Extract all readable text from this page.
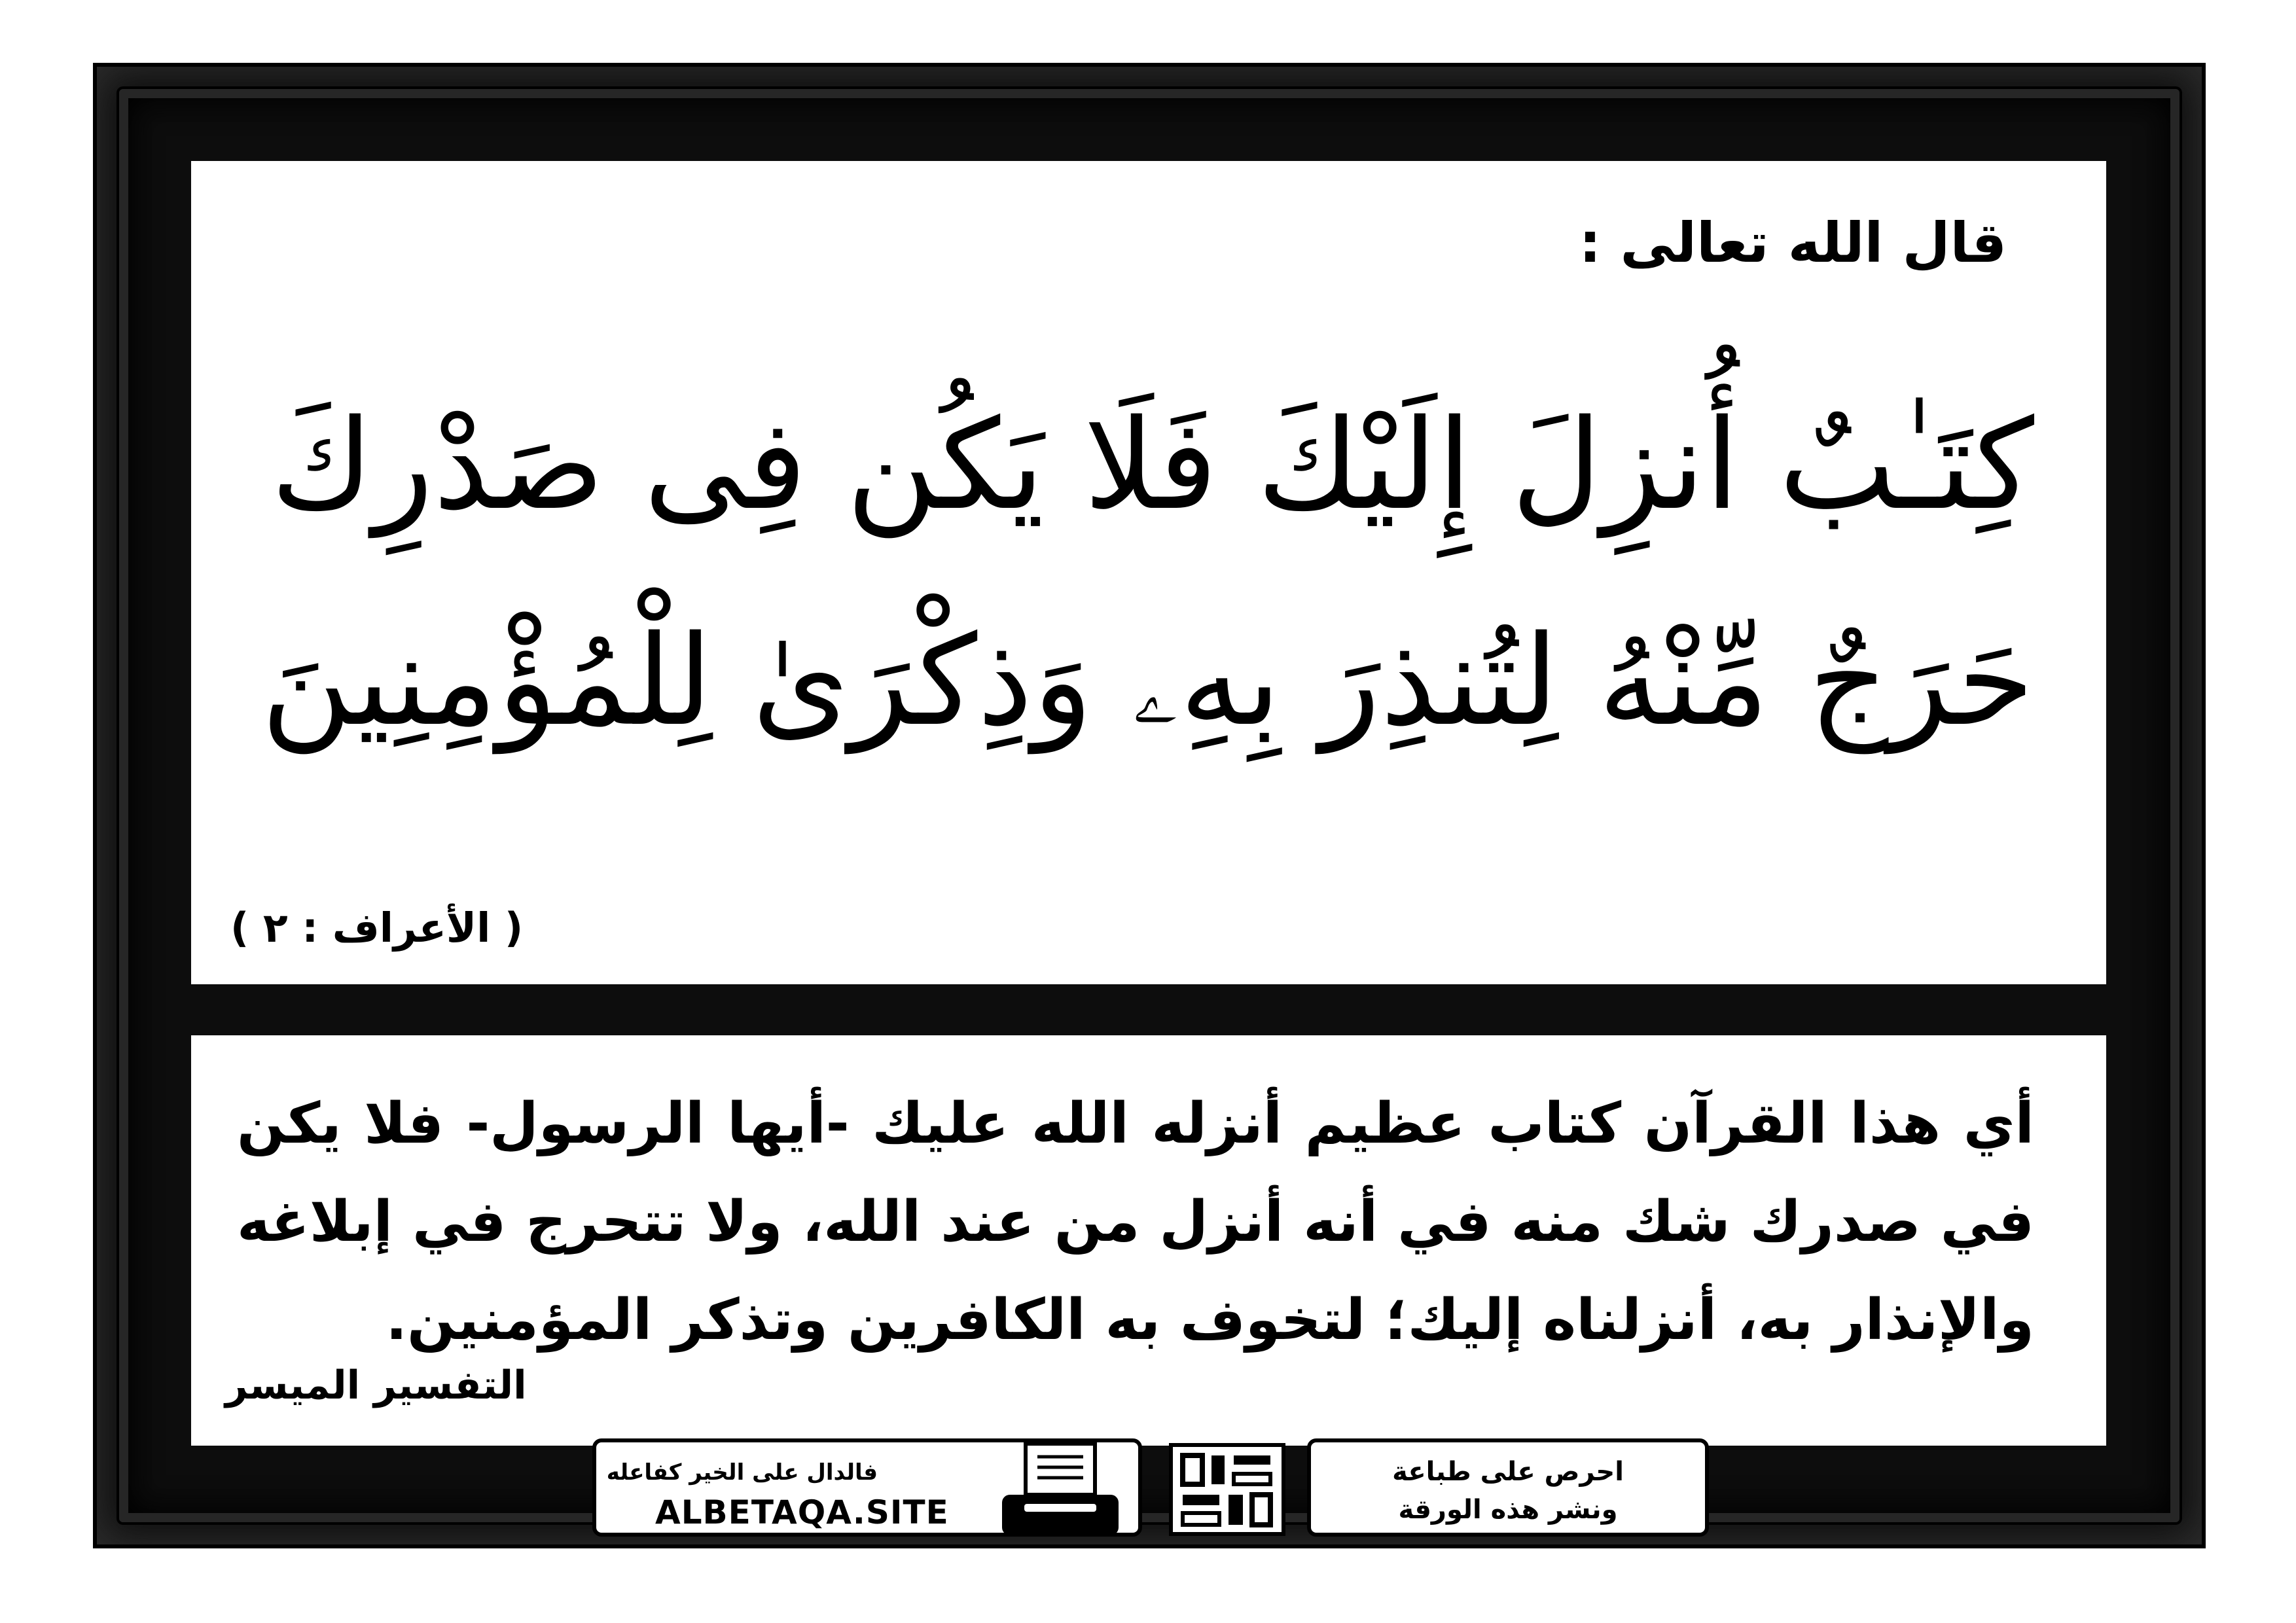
قال الله تعالى :
كِتَـٰبٌ أُنزِلَ إِلَيْكَ فَلَا يَكُن فِى صَدْرِكَ
حَرَجٌ مِّنْهُ لِتُنذِرَ بِهِۦ وَذِكْرَىٰ لِلْمُؤْمِنِينَ
( الأعراف : ٢ )
أي هذا القرآن كتاب عظيم أنزله الله عليك -أيها الرسول- فلا يكن في صدرك شك منه في أنه أنزل من عند الله، ولا تتحرج في إبلاغه والإنذار به، أنزلناه إليك؛ لتخوف به الكافرين وتذكر المؤمنين.
التفسير الميسر
فالدال على الخير كفاعله
ALBETAQA.SITE
احرص على طباعة
ونشر هذه الورقة
